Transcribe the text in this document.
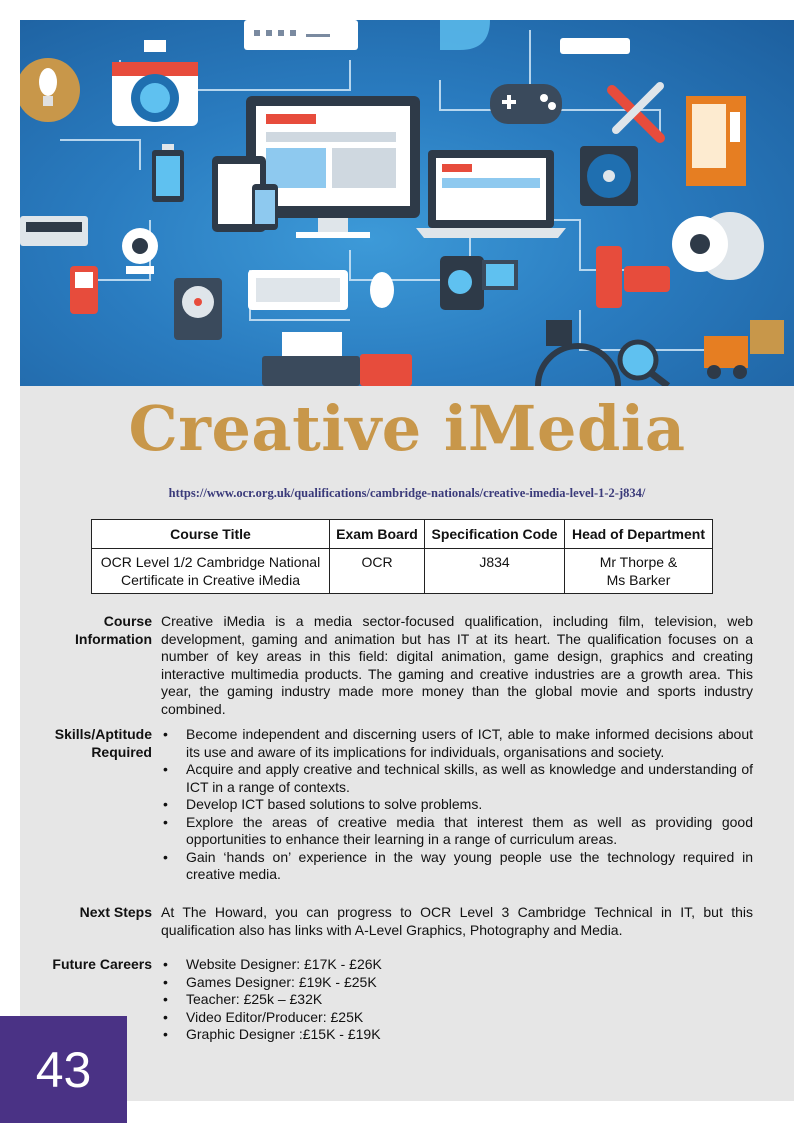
Creative iMedia
https://www.ocr.org.uk/qualifications/cambridge-nationals/creative-imedia-level-1-2-j834/
Course Title	Exam Board	Specification Code	Head of Department
OCR Level 1/2 Cambridge National
Certificate in Creative iMedia	OCR	J834	Mr Thorpe &
Ms Barker
Course
Information
Creative iMedia is a media sector-focused qualification, including film, television, web development, gaming and animation but has IT at its heart. The qualification focuses on a number of key areas in this field: digital animation, game design, graphics and creating interactive multimedia products. The gaming and creative industries are a growth area. This year, the gaming industry made more money than the global movie and sports industry combined.
Skills/Aptitude
Required
• Become independent and discerning users of ICT, able to make informed decisions about its use and aware of its implications for individuals, organisations and society.
• Acquire and apply creative and technical skills, as well as knowledge and understanding of ICT in a range of contexts.
• Develop ICT based solutions to solve problems.
• Explore the areas of creative media that interest them as well as providing good opportunities to enhance their learning in a range of curriculum areas.
• Gain ‘hands on’ experience in the way young people use the technology required in creative media.
Next Steps At The Howard, you can progress to OCR Level 3 Cambridge Technical in IT, but this qualification also has links with A-Level Graphics, Photography and Media.
Future Careers	• Website Designer: £17K - £26K
• Games Designer: £19K - £25K
• Teacher: £25k – £32K
• Video Editor/Producer: £25K
• Graphic Designer :£15K - £19K
43
